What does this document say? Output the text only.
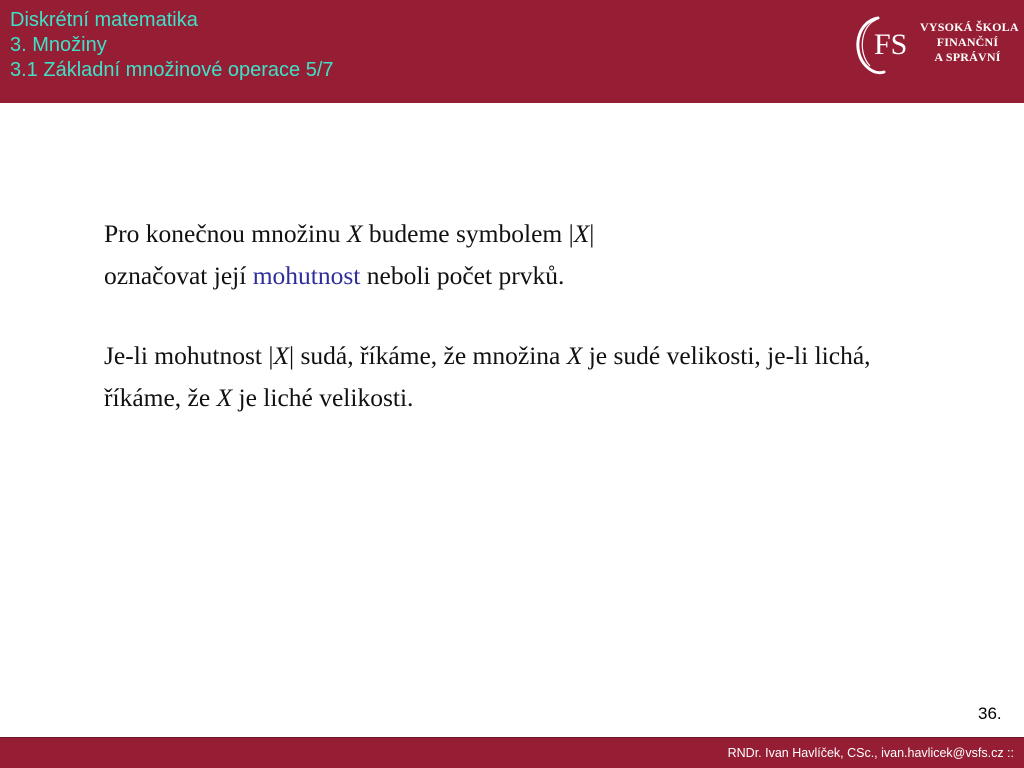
Diskrétní matematika
3. Množiny
3.1 Základní množinové operace 5/7
FS
VYSOKÁ ŠKOLA
FINANČNÍ
A SPRÁVNÍ

Pro konečnou množinu X budeme symbolem |X|
označovat její mohutnost neboli počet prvků.

Je-li mohutnost |X| sudá, říkáme, že množina X je sudé velikosti, je-li lichá, říkáme, že X je liché velikosti.

36.
RNDr. Ivan Havlíček, CSc., ivan.havlicek@vsfs.cz ::
